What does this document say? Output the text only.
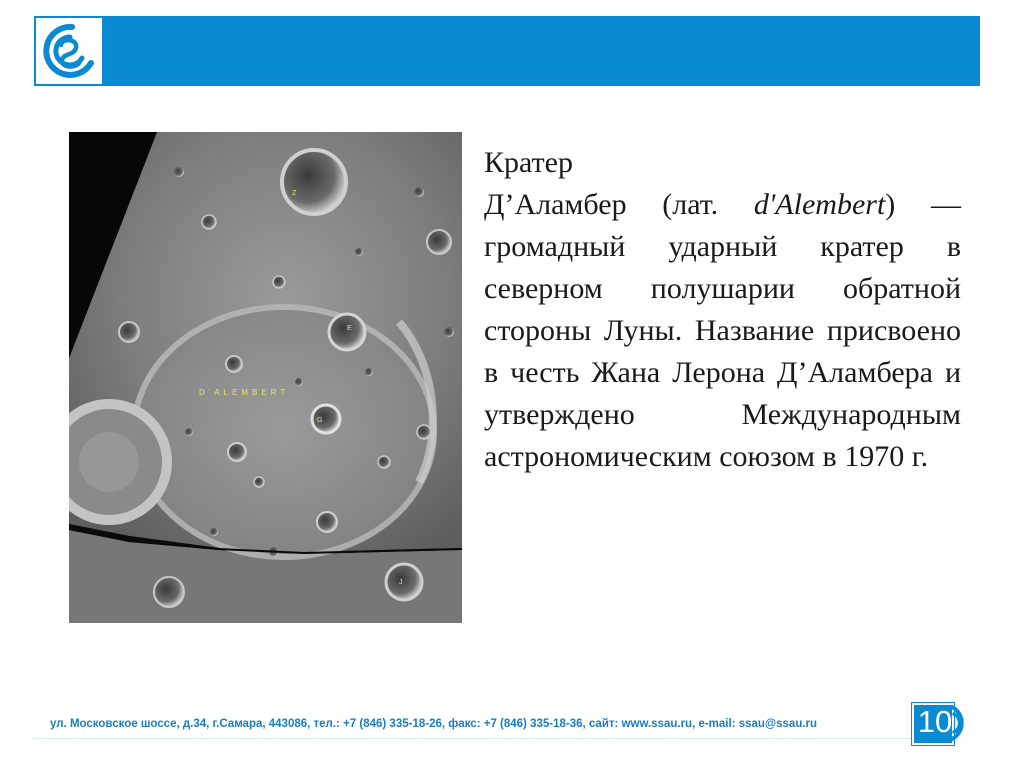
Z
E
D'ALEMBERT
G
J

Кратер

Д’Аламбер (лат. d'Alembert) — громадный ударный кратер в северном полушарии обратной стороны Луны. Название присвоено в честь Жана Лерона Д’Аламбера и утверждено Международным астрономическим союзом в 1970 г.

ул. Московское шоссе, д.34, г.Самара, 443086, тел.: +7 (846) 335-18-26, факс: +7 (846) 335-18-36, сайт: www.ssau.ru, e-mail: ssau@ssau.ru	10
